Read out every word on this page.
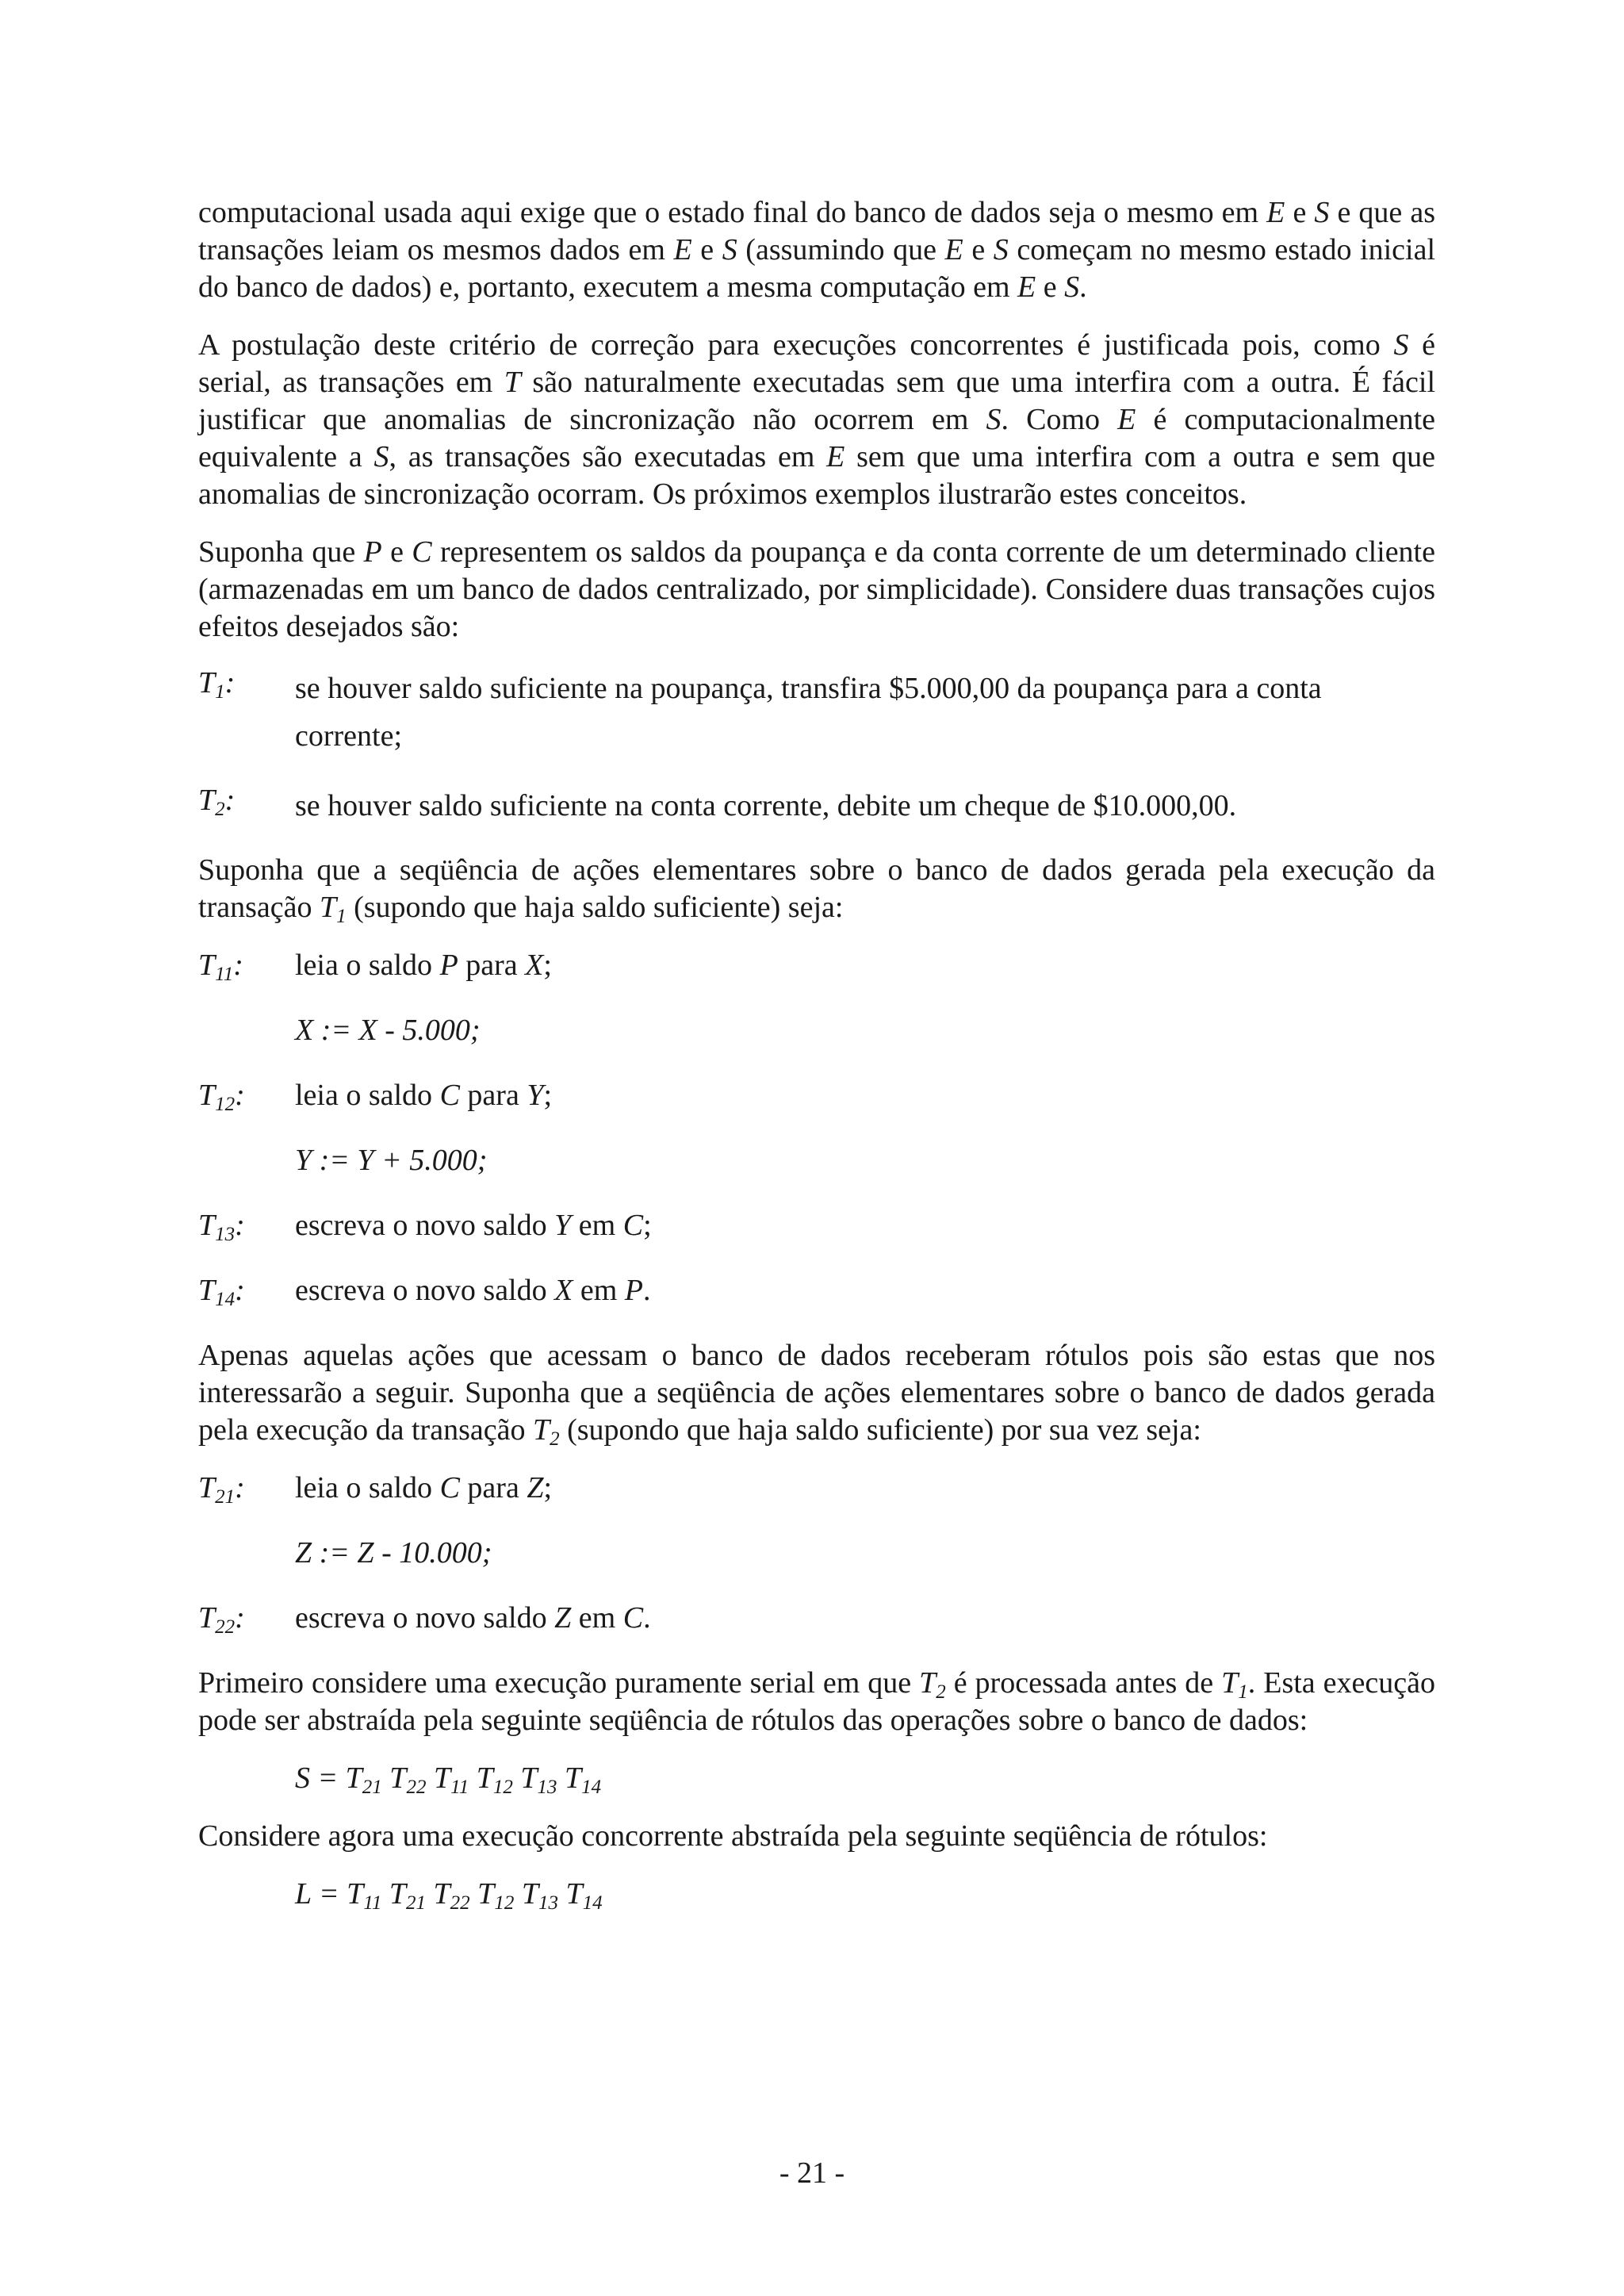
computacional usada aqui exige que o estado final do banco de dados seja o mesmo em E e S e que as transações leiam os mesmos dados em E e S (assumindo que E e S começam no mesmo estado inicial do banco de dados) e, portanto, executem a mesma computação em E e S.

A postulação deste critério de correção para execuções concorrentes é justificada pois, como S é serial, as transações em T são naturalmente executadas sem que uma interfira com a outra. É fácil justificar que anomalias de sincronização não ocorrem em S. Como E é computacionalmente equivalente a S, as transações são executadas em E sem que uma interfira com a outra e sem que anomalias de sincronização ocorram. Os próximos exemplos ilustrarão estes conceitos.

Suponha que P e C representem os saldos da poupança e da conta corrente de um determinado cliente (armazenadas em um banco de dados centralizado, por simplicidade). Considere duas transações cujos efeitos desejados são:

$T_1$: se houver saldo suficiente na poupança, transfira $5.000,00 da poupança para a conta corrente;
$T_2$: se houver saldo suficiente na conta corrente, debite um cheque de $10.000,00.

Suponha que a seqüência de ações elementares sobre o banco de dados gerada pela execução da transação $T_1$ (supondo que haja saldo suficiente) seja:

$T_{11}$: leia o saldo P para X;
X := X - 5.000;
$T_{12}$: leia o saldo C para Y;
Y := Y + 5.000;
$T_{13}$: escreva o novo saldo Y em C;
$T_{14}$: escreva o novo saldo X em P.

Apenas aquelas ações que acessam o banco de dados receberam rótulos pois são estas que nos interessarão a seguir. Suponha que a seqüência de ações elementares sobre o banco de dados gerada pela execução da transação $T_2$ (supondo que haja saldo suficiente) por sua vez seja:

$T_{21}$: leia o saldo C para Z;
Z := Z - 10.000;
$T_{22}$: escreva o novo saldo Z em C.

Primeiro considere uma execução puramente serial em que $T_2$ é processada antes de $T_1$. Esta execução pode ser abstraída pela seguinte seqüência de rótulos das operações sobre o banco de dados:

$S = T_{21}$ $T_{22}$ $T_{11}$ $T_{12}$ $T_{13}$ $T_{14}$

Considere agora uma execução concorrente abstraída pela seguinte seqüência de rótulos:

$L = T_{11}$ $T_{21}$ $T_{22}$ $T_{12}$ $T_{13}$ $T_{14}$
- 21 -
